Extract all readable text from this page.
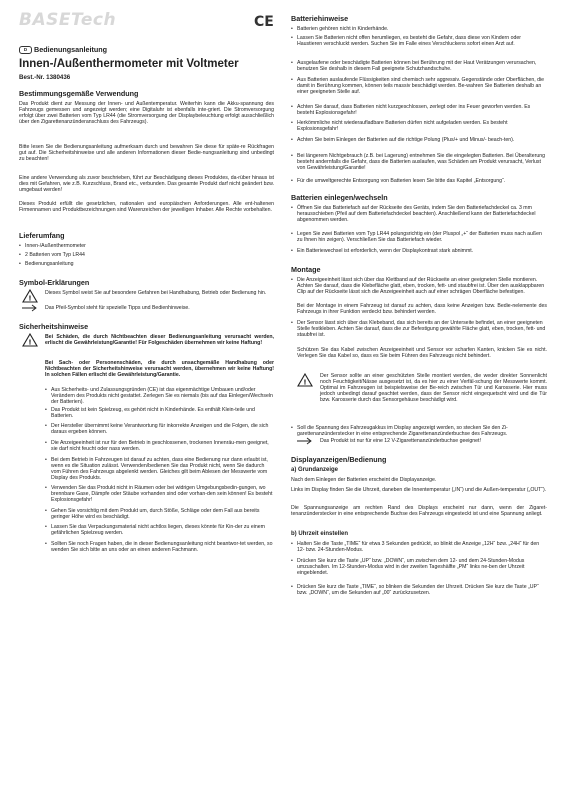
BASETech	CE
D Bedienungsanleitung
Innen-/Außenthermometer mit Voltmeter
Best.-Nr. 1380436
Bestimmungsgemäße Verwendung
Das Produkt dient zur Messung der Innen- und Außentemperatur. Weiterhin kann die Akku-spannung des Fahrzeugs gemessen und angezeigt werden; eine Digitaluhr ist ebenfalls inte-griert. Die Stromversorgung erfolgt über zwei Batterien vom Typ LR44 (die Stromversorgung der Displaybeleuchtung erfolgt ausschließlich über den Zigarettenanzünderanschluss des Fahrzeugs).
Bitte lesen Sie die Bedienungsanleitung aufmerksam durch und bewahren Sie diese für späte-re Rückfragen gut auf. Die Sicherheitshinweise und alle anderen Informationen dieser Bedie-nungsanleitung sind unbedingt zu beachten!
Eine andere Verwendung als zuvor beschrieben, führt zur Beschädigung dieses Produktes, da-rüber hinaus ist dies mit Gefahren, wie z.B. Kurzschluss, Brand etc., verbunden. Das gesamte Produkt darf nicht geändert bzw. umgebaut werden!
Dieses Produkt erfüllt die gesetzlichen, nationalen und europäischen Anforderungen. Alle ent-haltenen Firmennamen und Produktbezeichnungen sind Warenzeichen der jeweiligen Inhaber. Alle Rechte vorbehalten.
Lieferumfang
• Innen-/Außenthermometer
• 2 Batterien vom Typ LR44
• Bedienungsanleitung
Symbol-Erklärungen
!
Dieses Symbol weist Sie auf besondere Gefahren bei Handhabung, Betrieb oder Bedienung hin.
Das Pfeil-Symbol steht für spezielle Tipps und Bedienhinweise.
Sicherheitshinweise
!
Bei Schäden, die durch Nichtbeachten dieser Bedienungsanleitung verursacht werden, erlischt die Gewährleistung/Garantie! Für Folgeschäden übernehmen wir keine Haftung!
Bei Sach- oder Personenschäden, die durch unsachgemäße Handhabung oder Nichtbeachten der Sicherheitshinweise verursacht werden, übernehmen wir keine Haftung! In solchen Fällen erlischt die Gewährleistung/Garantie.
• Aus Sicherheits- und Zulassungsgründen (CE) ist das eigenmächtige Umbauen und/oder Verändern des Produkts nicht gestattet. Zerlegen Sie es niemals (bis auf das Einlegen/Wechseln der Batterien).
• Das Produkt ist kein Spielzeug, es gehört nicht in Kinderhände. Es enthält Klein-teile und Batterien.
• Der Hersteller übernimmt keine Verantwortung für inkorrekte Anzeigen und die Folgen, die sich daraus ergeben können.
• Die Anzeigeeinheit ist nur für den Betrieb in geschlossenen, trockenen Innenräu-men geeignet, sie darf nicht feucht oder nass werden.
• Bei dem Betrieb in Fahrzeugen ist darauf zu achten, dass eine Bedienung nur dann erlaubt ist, wenn es die Situation zulässt. Verwenden/bedienen Sie das Produkt nicht, wenn Sie dadurch vom Führen des Fahrzeugs abgelenkt werden. Gleiches gilt beim Ablesen der Messwerte vom Display des Produkts.
• Verwenden Sie das Produkt nicht in Räumen oder bei widrigen Umgebungsbedin-gungen, wo brennbare Gase, Dämpfe oder Stäube vorhanden sind oder vorhan-den sein können! Es besteht Explosionsgefahr!
• Gehen Sie vorsichtig mit dem Produkt um, durch Stöße, Schläge oder dem Fall aus bereits geringer Höhe wird es beschädigt.
• Lassen Sie das Verpackungsmaterial nicht achtlos liegen, dieses könnte für Kin-der zu einem gefährlichen Spielzeug werden.
• Sollten Sie noch Fragen haben, die in dieser Bedienungsanleitung nicht beantwor-tet werden, so wenden Sie sich bitte an uns oder an einen anderen Fachmann.
Batteriehinweise
• Batterien gehören nicht in Kinderhände.
• Lassen Sie Batterien nicht offen herumliegen, es besteht die Gefahr, dass diese von Kindern oder Haustieren verschluckt werden. Suchen Sie im Falle eines Verschluckens sofort einen Arzt auf.
• Ausgelaufene oder beschädigte Batterien können bei Berührung mit der Haut Verätzungen verursachen, benutzen Sie deshalb in diesem Fall geeignete Schutzhandschuhe.
• Aus Batterien auslaufende Flüssigkeiten sind chemisch sehr aggressiv. Gegenstände oder Oberflächen, die damit in Berührung kommen, können teils massiv beschädigt werden. Be-wahren Sie Batterien deshalb an einer geeigneten Stelle auf.
• Achten Sie darauf, dass Batterien nicht kurzgeschlossen, zerlegt oder ins Feuer geworfen werden. Es besteht Explosionsgefahr!
• Herkömmliche nicht wiederaufladbare Batterien dürfen nicht aufgeladen werden. Es besteht Explosionsgefahr!
• Achten Sie beim Einlegen der Batterien auf die richtige Polung (Plus/+ und Minus/- beach-ten).
• Bei längerem Nichtgebrauch (z.B. bei Lagerung) entnehmen Sie die eingelegten Batterien. Bei Überalterung besteht andernfalls die Gefahr, dass die Batterien auslaufen, was Schäden am Produkt verursacht, Verlust von Gewährleistung/Garantie!
• Für die umweltgerechte Entsorgung von Batterien lesen Sie bitte das Kapitel „Entsorgung“.
Batterien einlegen/wechseln
• Öffnen Sie das Batteriefach auf der Rückseite des Geräts, indem Sie den Batteriefachdeckel ca. 3 mm herausschieben (Pfeil auf dem Batteriefachdeckel beachten). Anschließend kann der Batteriefachdeckel abgenommen werden.
• Legen Sie zwei Batterien vom Typ LR44 polungsrichtig ein (der Pluspol „+“ der Batterien muss nach außen zu Ihnen hin zeigen). Verschließen Sie das Batteriefach wieder.
• Ein Batteriewechsel ist erforderlich, wenn der Displaykontrast stark abnimmt.
Montage
• Die Anzeigeeinheit lässt sich über das Klettband auf der Rückseite an einer geeigneten Stelle montieren. Achten Sie darauf, dass die Klebefläche glatt, eben, trocken, fett- und staubfrei ist. Über den ausklappbaren Clip auf der Rückseite lässt sich die Anzeigeeinheit auch auf einer schrägen Oberfläche befestigen.
Bei der Montage in einem Fahrzeug ist darauf zu achten, dass keine Anzeigen bzw. Bedie-nelemente des Fahrzeugs in ihrer Funktion verdeckt bzw. behindert werden.
• Der Sensor lässt sich über das Klebeband, das sich bereits an der Unterseite befindet, an einer geeigneten Stelle festkleben. Achten Sie darauf, dass die zur Befestigung gewählte Fläche glatt, eben, trocken, fett- und staubfrei ist.
Schützen Sie das Kabel zwischen Anzeigeeinheit und Sensor vor scharfen Kanten, knicken Sie es nicht. Verlegen Sie das Kabel so, dass es Sie beim Führen des Fahrzeugs nicht behindert.
!
Der Sensor sollte an einer geschützten Stelle montiert werden, die weder direkter Sonnenlicht noch Feuchtigkeit/Nässe ausgesetzt ist, da es hier zu einer Verfäl-schung der Messwerte kommt. Optimal im Fahrzeugen ist beispielsweise der Be-reich zwischen Tür und Karosserie. Hier muss jedoch unbedingt darauf geachtet werden, dass der Sensor nicht eingequetscht wird und die Tür bzw. Karosserie durch das Sensorgehäuse beschädigt wird.
• Soll die Spannung des Fahrzeugakkus im Display angezeigt werden, so stecken Sie den Zi-garettenanzünderstecker in eine entsprechende Zigarettenanzünderbuchse des Fahrzeugs.
Das Produkt ist nur für eine 12 V-Zigarettenanzünderbuchse geeignet!
Displayanzeigen/Bedienung
a) Grundanzeige
Nach dem Einlegen der Batterien erscheint die Displayanzeige.
Links im Display finden Sie die Uhrzeit, daneben die Innentemperatur („IN“) und die Außen-temperatur („OUT“).
Die Spannungsanzeige am rechten Rand des Displays erscheint nur dann, wenn der Zigaret-tenanzünderstecker in eine entsprechende Buchse des Fahrzeugs eingesteckt ist und eine Spannung anliegt.
b) Uhrzeit einstellen
• Halten Sie die Taste „TIME“ für etwa 3 Sekunden gedrückt, so blinkt die Anzeige „12H“ bzw. „24H“ für den 12- bzw. 24-Stunden-Modus.
• Drücken Sie kurz die Taste „UP“ bzw. „DOWN“, um zwischen dem 12- und dem 24-Stunden-Modus umzuschalten. Im 12-Stunden-Modus wird in der zweiten Tageshälfte „PM“ links ne-ben der Uhrzeit eingeblendet.
• Drücken Sie kurz die Taste „TIME“, so blinken die Sekunden der Uhrzeit. Drücken Sie kurz die Taste „UP“ bzw. „DOWN“, um die Sekunden auf „00“ zurückzusetzen.
